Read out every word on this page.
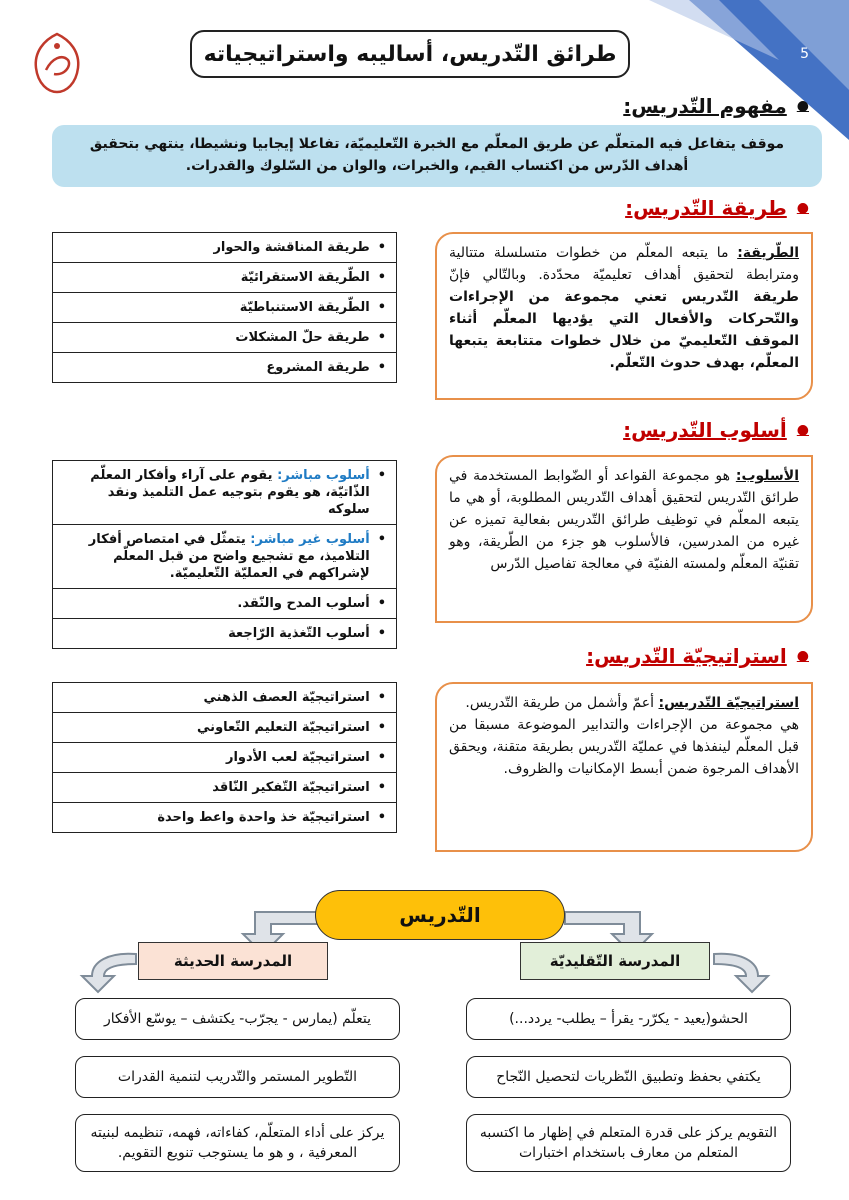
5
طرائق التّدريس، أساليبه واستراتيجياته
●
مفهوم التّدريس:
موقف يتفاعل فيه المتعلّم عن طريق المعلّم مع الخبرة التّعليميّة، تفاعلا إيجابيا ونشيطا، ينتهي بتحقيق أهداف الدّرس من اكتساب القيم، والخبرات، والوان من السّلوك والقدرات.
●
طريقة التّدريس:
•
طريقة المناقشة والحوار
•
الطّريقة الاستقرائيّة
•
الطّريقة الاستنباطيّة
•
طريقة حلّ المشكلات
•
طريقة المشروع
الطّريقة: ما يتبعه المعلّم من خطوات متسلسلة متتالية ومترابطة لتحقيق أهداف تعليميّة محدّدة. وبالتّالي فإنّ طريقة التّدريس تعني مجموعة من الإجراءات والتّحركات والأفعال التي يؤديها المعلّم أثناء الموقف التّعليميّ من خلال خطوات متتابعة يتبعها المعلّم، بهدف حدوث التّعلّم.
●
أسلوب التّدريس:
•
أسلوب مباشر: يقوم على آراء وأفكار المعلّم الذّاتيّة، هو يقوم بتوجيه عمل التلميذ ونقد سلوكه
•
أسلوب غير مباشر: يتمثّل في امتصاص أفكار التلاميذ، مع تشجيع واضح من قبل المعلّم لإشراكهم في العمليّة التّعليميّة.
•
أسلوب المدح والنّقد.
•
أسلوب التّغذية الرّاجعة
الأسلوب: هو مجموعة القواعد أو الضّوابط المستخدمة في طرائق التّدريس لتحقيق أهداف التّدريس المطلوبة، أو هي ما يتبعه المعلّم في توظيف طرائق التّدريس بفعالية تميزه عن غيره من المدرسين، فالأسلوب هو جزء من الطّريقة، وهو تقنيّة المعلّم ولمسته الفنيّة في معالجة تفاصيل الدّرس
●
استراتيجيّة التّدريس:
•
استراتيجيّة العصف الذهني
•
استراتيجيّة التعليم التّعاوني
•
استراتيجيّة لعب الأدوار
•
استراتيجيّة التّفكير النّاقد
•
استراتيجيّة خذ واحدة واعط واحدة
استراتيجيّة التّدريس: أعمّ وأشمل من طريقة التّدريس.
هي مجموعة من الإجراءات والتدابير الموضوعة مسبقا من قبل المعلّم لينفذها في عمليّة التّدريس بطريقة متقنة، ويحقق الأهداف المرجوة ضمن أبسط الإمكانيات والظروف.
التّدريس
المدرسة الحديثة	المدرسة التّقليديّة
يتعلّم (يمارس - يجرّب- يكتشف – يوسّع الأفكار
التّطوير المستمر والتّدريب لتنمية القدرات
يركز على أداء المتعلّم، كفاءاته، فهمه، تنظيمه لبنيته المعرفية ، و هو ما يستوجب تنويع التقويم.
الحشو(يعيد - يكرّر- يقرأ – يطلب- يردد...)
يكتفي بحفظ وتطبيق النّظريات لتحصيل النّجاح
التقويم يركز على قدرة المتعلم في إظهار ما اكتسبه المتعلم من معارف باستخدام اختبارات
